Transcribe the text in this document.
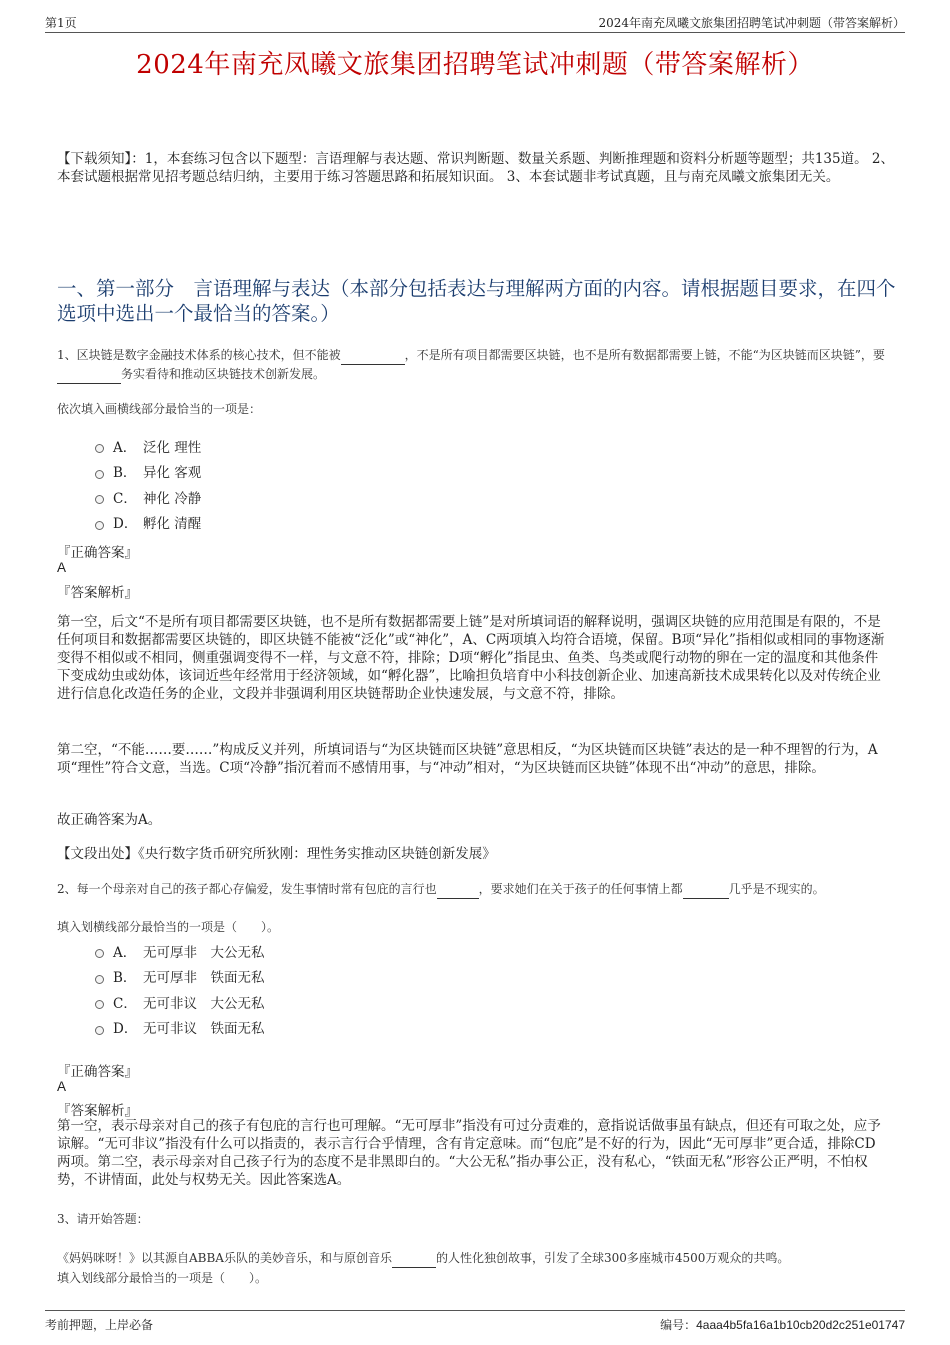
第1页	2024年南充凤曦文旅集团招聘笔试冲刺题（带答案解析）
2024年南充凤曦文旅集团招聘笔试冲刺题（带答案解析）
【下载须知】：1，本套练习包含以下题型：言语理解与表达题、常识判断题、数量关系题、判断推理题和资料分析题等题型；共135道。 2、本套试题根据常见招考题总结归纳，主要用于练习答题思路和拓展知识面。 3、本套试题非考试真题，且与南充凤曦文旅集团无关。
一、第一部分　言语理解与表达（本部分包括表达与理解两方面的内容。请根据题目要求，在四个选项中选出一个最恰当的答案。）
1、区块链是数字金融技术体系的核心技术，但不能被	，不是所有项目都需要区块链，也不是所有数据都需要上链，不能“为区块链而区块链”，要务实看待和推动区块链技术创新发展。
依次填入画横线部分最恰当的一项是：
A． 泛化 理性
B． 异化 客观
C． 神化 冷静
D． 孵化 清醒
『正确答案』
A
『答案解析』
第一空，后文“不是所有项目都需要区块链，也不是所有数据都需要上链”是对所填词语的解释说明，强调区块链的应用范围是有限的，不是任何项目和数据都需要区块链的，即区块链不能被“泛化”或“神化”，A、C两项填入均符合语境，保留。B项“异化”指相似或相同的事物逐渐变得不相似或不相同，侧重强调变得不一样，与文意不符，排除；D项“孵化”指昆虫、鱼类、鸟类或爬行动物的卵在一定的温度和其他条件下变成幼虫或幼体，该词近些年经常用于经济领域，如“孵化器”，比喻担负培育中小科技创新企业、加速高新技术成果转化以及对传统企业进行信息化改造任务的企业，文段并非强调利用区块链帮助企业快速发展，与文意不符，排除。
第二空，“不能……要……”构成反义并列，所填词语与“为区块链而区块链”意思相反，“为区块链而区块链”表达的是一种不理智的行为，A项“理性”符合文意，当选。C项“冷静”指沉着而不感情用事，与“冲动”相对，“为区块链而区块链”体现不出“冲动”的意思，排除。
故正确答案为A。
【文段出处】《央行数字货币研究所狄刚：理性务实推动区块链创新发展》
2、每一个母亲对自己的孩子都心存偏爱，发生事情时常有包庇的言行也	，要求她们在关于孩子的任何事情上都	几乎是不现实的。
填入划横线部分最恰当的一项是（　　）。
A． 无可厚非　大公无私
B． 无可厚非　铁面无私
C． 无可非议　大公无私
D． 无可非议　铁面无私
『正确答案』
A
『答案解析』
第一空，表示母亲对自己的孩子有包庇的言行也可理解。“无可厚非”指没有可过分责难的，意指说话做事虽有缺点，但还有可取之处，应予谅解。“无可非议”指没有什么可以指责的，表示言行合乎情理，含有肯定意味。而“包庇”是不好的行为，因此“无可厚非”更合适，排除CD两项。第二空，表示母亲对自己孩子行为的态度不是非黑即白的。“大公无私”指办事公正，没有私心，“铁面无私”形容公正严明，不怕权势，不讲情面，此处与权势无关。因此答案选A。
3、请开始答题：
《妈妈咪呀！》以其源自ABBA乐队的美妙音乐，和与原创音乐	的人性化独创故事，引发了全球300多座城市4500万观众的共鸣。
填入划线部分最恰当的一项是（　　）。
考前押题，上岸必备	编号：4aaa4b5fa16a1b10cb20d2c251e01747
